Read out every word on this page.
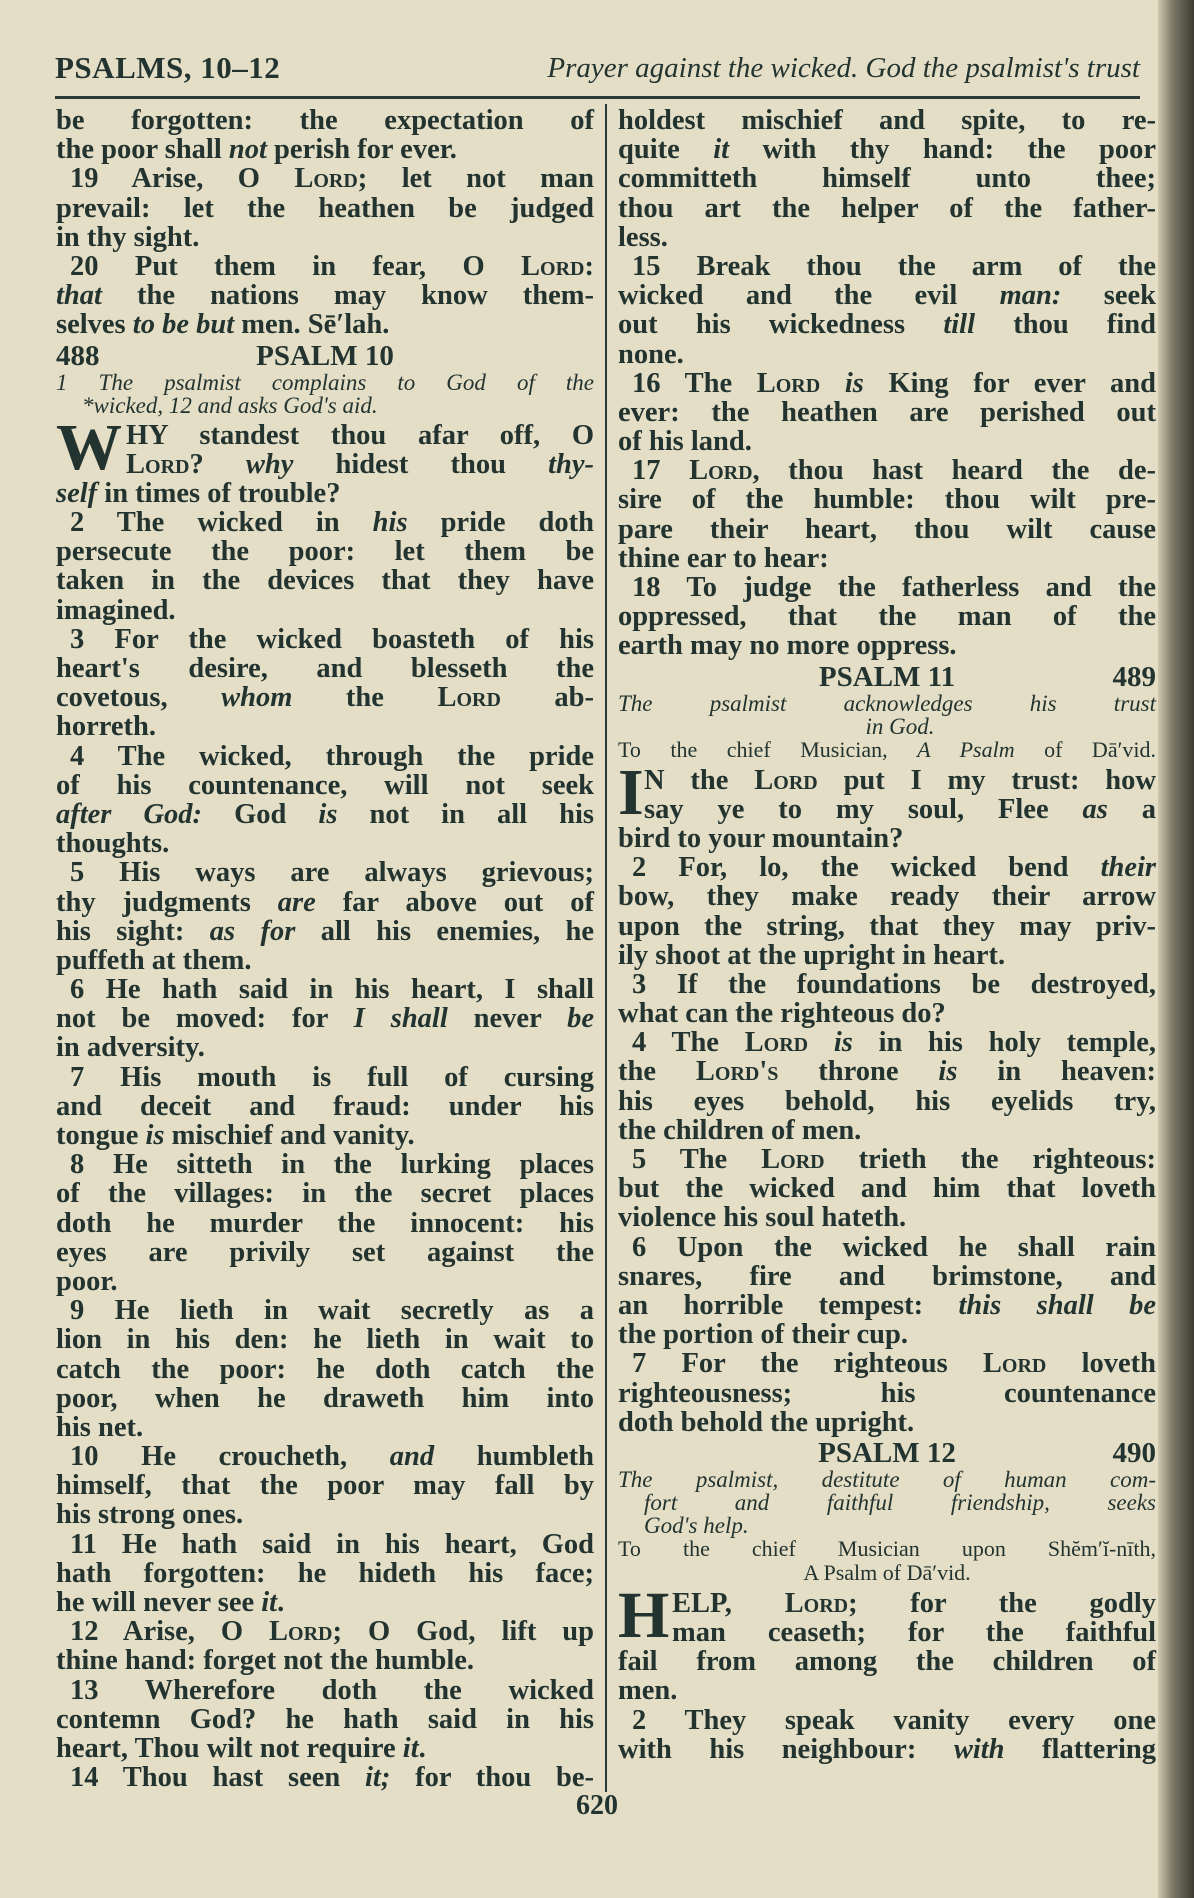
PSALMS, 10–12	Prayer against the wicked. God the psalmist's trust
be forgotten: the expectation of
the poor shall not perish for ever.
19 Arise, O Lord; let not man
prevail: let the heathen be judged
in thy sight.
20 Put them in fear, O Lord:
that the nations may know them-
selves to be but men. Sē′lah.
PSALM 10
488
1 The psalmist complains to God of the
*wicked, 12 and asks God's aid.
W HY standest thou afar off, O
Lord? why hidest thou thy-
self in times of trouble?
2 The wicked in his pride doth
persecute the poor: let them be
taken in the devices that they have
imagined.
3 For the wicked boasteth of his
heart's desire, and blesseth the
covetous, whom the Lord ab-
horreth.
4 The wicked, through the pride
of his countenance, will not seek
after God: God is not in all his
thoughts.
5 His ways are always grievous;
thy judgments are far above out of
his sight: as for all his enemies, he
puffeth at them.
6 He hath said in his heart, I shall
not be moved: for I shall never be
in adversity.
7 His mouth is full of cursing
and deceit and fraud: under his
tongue is mischief and vanity.
8 He sitteth in the lurking places
of the villages: in the secret places
doth he murder the innocent: his
eyes are privily set against the
poor.
9 He lieth in wait secretly as a
lion in his den: he lieth in wait to
catch the poor: he doth catch the
poor, when he draweth him into
his net.
10 He croucheth, and humbleth
himself, that the poor may fall by
his strong ones.
11 He hath said in his heart, God
hath forgotten: he hideth his face;
he will never see it.
12 Arise, O Lord; O God, lift up
thine hand: forget not the humble.
13 Wherefore doth the wicked
contemn God? he hath said in his
heart, Thou wilt not require it.
14 Thou hast seen it; for thou be-
holdest mischief and spite, to re-
quite it with thy hand: the poor
committeth himself unto thee;
thou art the helper of the father-
less.
15 Break thou the arm of the
wicked and the evil man: seek
out his wickedness till thou find
none.
16 The Lord is King for ever and
ever: the heathen are perished out
of his land.
17 Lord, thou hast heard the de-
sire of the humble: thou wilt pre-
pare their heart, thou wilt cause
thine ear to hear:
18 To judge the fatherless and the
oppressed, that the man of the
earth may no more oppress.
PSALM 11	489
The psalmist acknowledges his trust
in God.
To the chief Musician, A Psalm of Dā′vid.
I N the Lord put I my trust: how
say ye to my soul, Flee as a
bird to your mountain?
2 For, lo, the wicked bend their
bow, they make ready their arrow
upon the string, that they may priv-
ily shoot at the upright in heart.
3 If the foundations be destroyed,
what can the righteous do?
4 The Lord is in his holy temple,
the Lord's throne is in heaven:
his eyes behold, his eyelids try,
the children of men.
5 The Lord trieth the righteous:
but the wicked and him that loveth
violence his soul hateth.
6 Upon the wicked he shall rain
snares, fire and brimstone, and
an horrible tempest: this shall be
the portion of their cup.
7 For the righteous Lord loveth
righteousness; his countenance
doth behold the upright.
PSALM 12	490
The psalmist, destitute of human com-
fort and faithful friendship, seeks
God's help.
To the chief Musician upon Shĕm′ĭ-nīth,
A Psalm of Dā′vid.
H ELP, Lord; for the godly
man ceaseth; for the faithful
fail from among the children of
men.
2 They speak vanity every one
with his neighbour: with flattering
620
